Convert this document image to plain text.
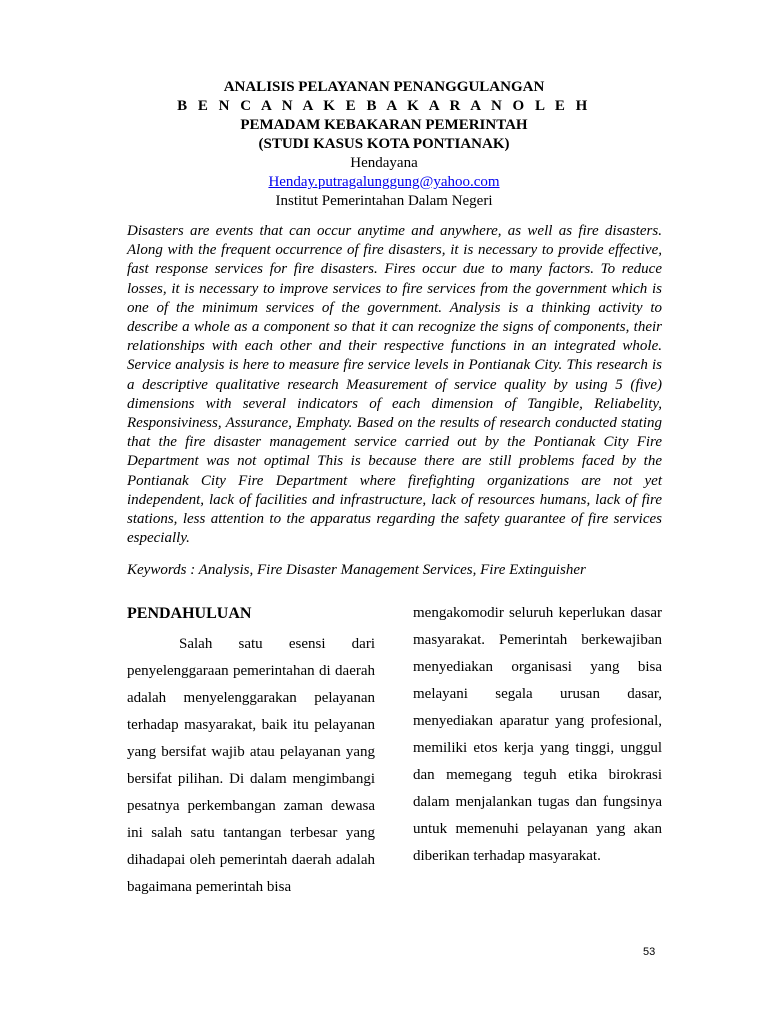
ANALISIS PELAYANAN PENANGGULANGAN
B E N C A N A K E B A K A R A N O L E H
PEMADAM KEBAKARAN PEMERINTAH
(STUDI KASUS KOTA PONTIANAK)
Hendayana
Henday.putragalunggung@yahoo.com
Institut Pemerintahan Dalam Negeri

Disasters are events that can occur anytime and anywhere, as well as fire disasters. Along with the frequent occurrence of fire disasters, it is necessary to provide effective, fast response services for fire disasters. Fires occur due to many factors. To reduce losses, it is necessary to improve services to fire services from the government which is one of the minimum services of the government. Analysis is a thinking activity to describe a whole as a component so that it can recognize the signs of components, their relationships with each other and their respective functions in an integrated whole. Service analysis is here to measure fire service levels in Pontianak City. This research is a descriptive qualitative research Measurement of service quality by using 5 (five) dimensions with several indicators of each dimension of Tangible, Reliabelity, Responsiviness, Assurance, Emphaty. Based on the results of research conducted stating that the fire disaster management service carried out by the Pontianak City Fire Department was not optimal This is because there are still problems faced by the Pontianak City Fire Department where firefighting organizations are not yet independent, lack of facilities and infrastructure, lack of resources humans, lack of fire stations, less attention to the apparatus regarding the safety guarantee of fire services especially.

Keywords : Analysis, Fire Disaster Management Services, Fire Extinguisher
PENDAHULUAN
Salah satu esensi dari

penyelenggaraan pemerintahan di daerah adalah menyelenggarakan pelayanan terhadap masyarakat, baik itu pelayanan yang bersifat wajib atau pelayanan yang bersifat pilihan. Di dalam mengimbangi pesatnya perkembangan zaman dewasa ini salah satu tantangan terbesar yang dihadapai oleh pemerintah daerah adalah bagaimana pemerintah bisa

mengakomodir seluruh keperlukan dasar masyarakat. Pemerintah berkewajiban menyediakan organisasi yang bisa melayani segala urusan dasar, menyediakan aparatur yang profesional, memiliki etos kerja yang tinggi, unggul dan memegang teguh etika birokrasi dalam menjalankan tugas dan fungsinya untuk memenuhi pelayanan yang akan diberikan terhadap masyarakat.

53
